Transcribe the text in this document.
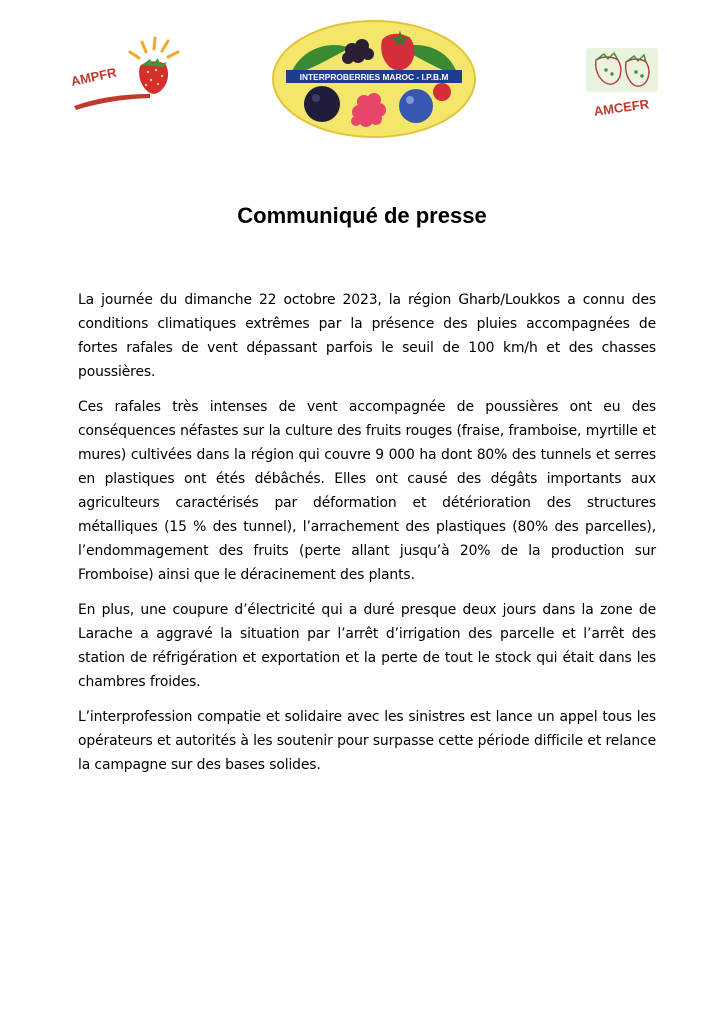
AMPFR	INTERPROBERRIES MAROC - I.P.B.M
AMCEFR
Communiqué de presse

La journée du dimanche 22 octobre 2023, la région Gharb/Loukkos a connu des conditions climatiques extrêmes par la présence des pluies accompagnées de fortes rafales de vent dépassant parfois le seuil de 100 km/h et des chasses poussières.

Ces rafales très intenses de vent accompagnée de poussières ont eu des conséquences néfastes sur la culture des fruits rouges (fraise, framboise, myrtille et mures) cultivées dans la région qui couvre 9 000 ha dont 80% des tunnels et serres en plastiques ont étés débâchés. Elles ont causé des dégâts importants aux agriculteurs caractérisés par déformation et détérioration des structures métalliques (15 % des tunnel), l’arrachement des plastiques (80% des parcelles), l’endommagement des fruits (perte allant jusqu’à 20% de la production sur Fromboise) ainsi que le déracinement des plants.

En plus, une coupure d’électricité qui a duré presque deux jours dans la zone de Larache a aggravé la situation par l’arrêt d’irrigation des parcelle et l’arrêt des station de réfrigération et exportation et la perte de tout le stock qui était dans les chambres froides.

L’interprofession compatie et solidaire avec les sinistres est lance un appel tous les opérateurs et autorités à les soutenir pour surpasse cette période difficile et relance la campagne sur des bases solides.
